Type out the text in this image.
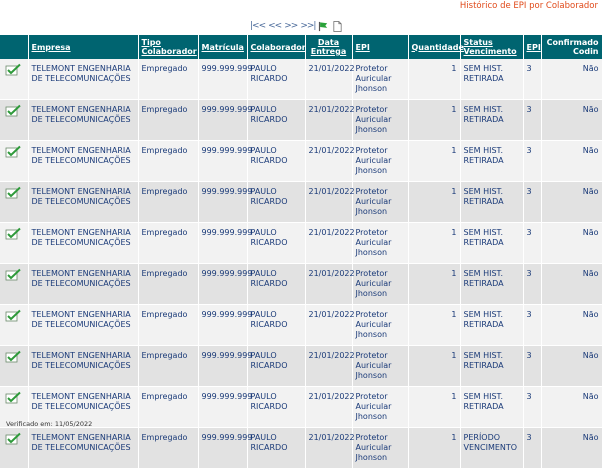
Histórico de EPI por Colaborador
|<< << >> >>|
	Empresa	Tipo Colaborador	Matrícula	Colaborador	Data Entrega	EPI	Quantidade	Status Vencimento	EPI	Confirmado Codin

	TELEMONT ENGENHARIA DE TELECOMUNICAÇÕES	Empregado	999.999.999	PAULO RICARDO	21/01/2022	Protetor Auricular Jhonson	1	SEM HIST. RETIRADA	3	Não

	TELEMONT ENGENHARIA DE TELECOMUNICAÇÕES	Empregado	999.999.999	PAULO RICARDO	21/01/2022	Protetor Auricular Jhonson	1	SEM HIST. RETIRADA	3	Não

	TELEMONT ENGENHARIA DE TELECOMUNICAÇÕES	Empregado	999.999.999	PAULO RICARDO	21/01/2022	Protetor Auricular Jhonson	1	SEM HIST. RETIRADA	3	Não

	TELEMONT ENGENHARIA DE TELECOMUNICAÇÕES	Empregado	999.999.999	PAULO RICARDO	21/01/2022	Protetor Auricular Jhonson	1	SEM HIST. RETIRADA	3	Não

	TELEMONT ENGENHARIA DE TELECOMUNICAÇÕES	Empregado	999.999.999	PAULO RICARDO	21/01/2022	Protetor Auricular Jhonson	1	SEM HIST. RETIRADA	3	Não

	TELEMONT ENGENHARIA DE TELECOMUNICAÇÕES	Empregado	999.999.999	PAULO RICARDO	21/01/2022	Protetor Auricular Jhonson	1	SEM HIST. RETIRADA	3	Não

	TELEMONT ENGENHARIA DE TELECOMUNICAÇÕES	Empregado	999.999.999	PAULO RICARDO	21/01/2022	Protetor Auricular Jhonson	1	SEM HIST. RETIRADA	3	Não

	TELEMONT ENGENHARIA DE TELECOMUNICAÇÕES	Empregado	999.999.999	PAULO RICARDO	21/01/2022	Protetor Auricular Jhonson	1	SEM HIST. RETIRADA	3	Não

	TELEMONT ENGENHARIA DE TELECOMUNICAÇÕES	Empregado	999.999.999	PAULO RICARDO	21/01/2022	Protetor Auricular Jhonson	1	SEM HIST. RETIRADA	3	Não

	TELEMONT ENGENHARIA DE TELECOMUNICAÇÕES	Empregado	999.999.999	PAULO RICARDO	21/01/2022	Protetor Auricular Jhonson	1	PERÍODO VENCIMENTO	3	Não
Verificado em: 11/05/2022
